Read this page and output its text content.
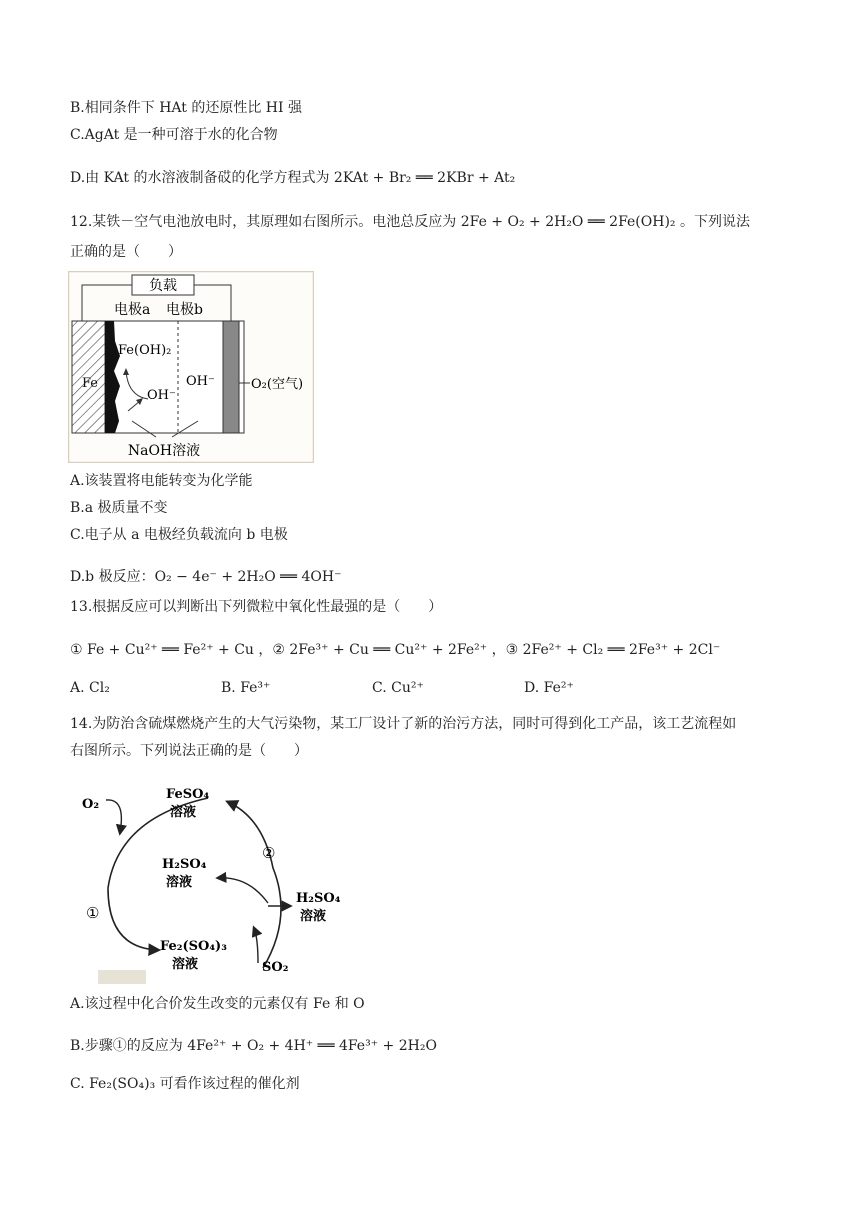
B.相同条件下 HAt 的还原性比 HI 强
C.AgAt 是一种可溶于水的化合物
D.由 KAt 的水溶液制备砹的化学方程式为 2KAt + Br₂ ══ 2KBr + At₂
12.某铁－空气电池放电时，其原理如右图所示。电池总反应为 2Fe + O₂ + 2H₂O ══ 2Fe(OH)₂ 。下列说法
正确的是（　　）
负载
电极a 电极b
Fe(OH)₂
Fe
OH⁻
OH⁻	O₂(空气)
NaOH溶液
A.该装置将电能转变为化学能
B.a 极质量不变
C.电子从 a 电极经负载流向 b 电极
D.b 极反应：O₂ − 4e⁻ + 2H₂O ══ 4OH⁻
13.根据反应可以判断出下列微粒中氧化性最强的是（　　）
① Fe + Cu²⁺ ══ Fe²⁺ + Cu ，② 2Fe³⁺ + Cu ══ Cu²⁺ + 2Fe²⁺ ，③ 2Fe²⁺ + Cl₂ ══ 2Fe³⁺ + 2Cl⁻
A. Cl₂	B. Fe³⁺	C. Cu²⁺	D. Fe²⁺
14.为防治含硫煤燃烧产生的大气污染物，某工厂设计了新的治污方法，同时可得到化工产品，该工艺流程如
右图所示。下列说法正确的是（　　）
O₂
FeSO₄
溶液
H₂SO₄
溶液
②
①
H₂SO₄
溶液
Fe₂(SO₄)₃
溶液	SO₂
A.该过程中化合价发生改变的元素仅有 Fe 和 O
B.步骤①的反应为 4Fe²⁺ + O₂ + 4H⁺ ══ 4Fe³⁺ + 2H₂O
C. Fe₂(SO₄)₃ 可看作该过程的催化剂
